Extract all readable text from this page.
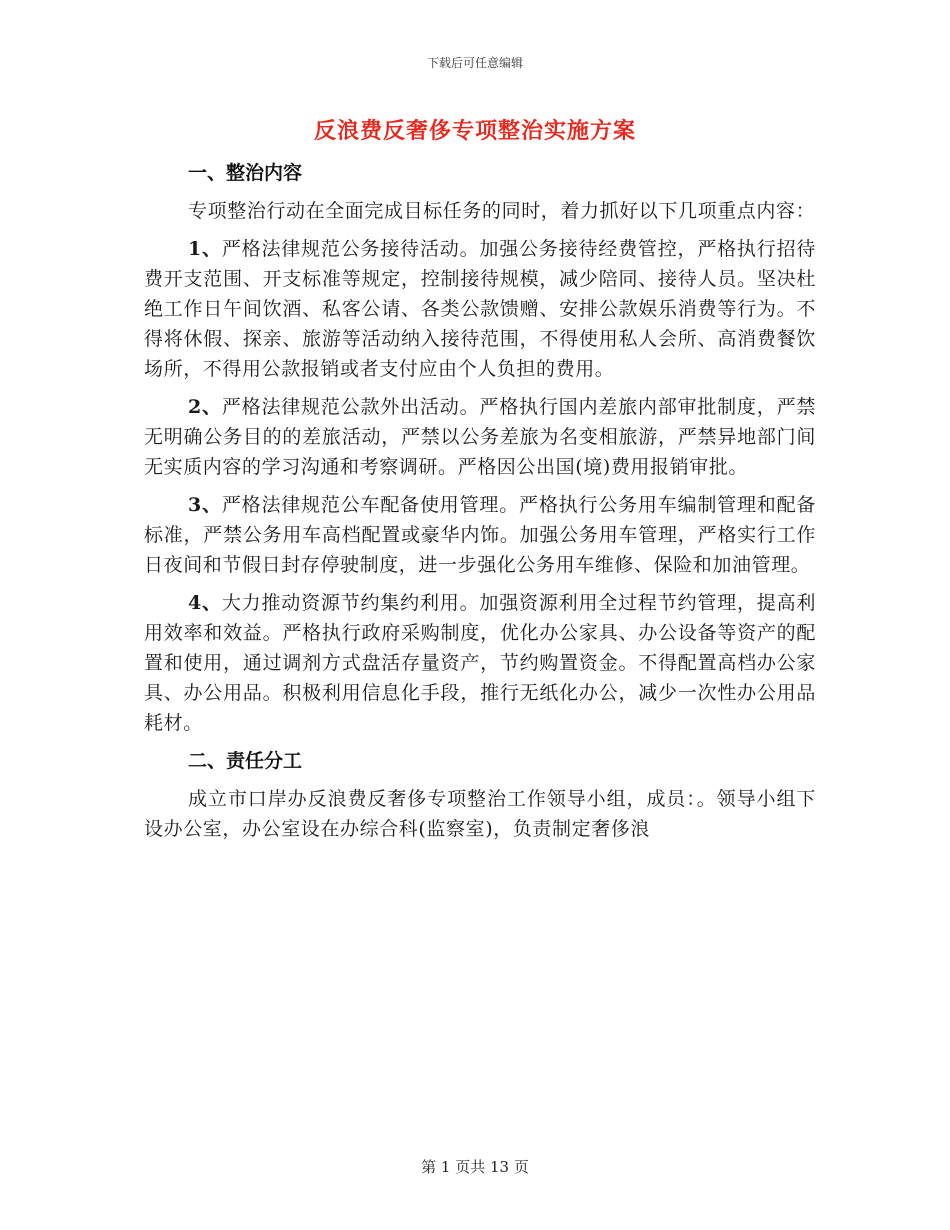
下载后可任意编辑
反浪费反奢侈专项整治实施方案
一、整治内容

专项整治行动在全面完成目标任务的同时，着力抓好以下几项重点内容：

1、严格法律规范公务接待活动。加强公务接待经费管控，严格执行招待费开支范围、开支标准等规定，控制接待规模，减少陪同、接待人员。坚决杜绝工作日午间饮酒、私客公请、各类公款馈赠、安排公款娱乐消费等行为。不得将休假、探亲、旅游等活动纳入接待范围，不得使用私人会所、高消费餐饮场所，不得用公款报销或者支付应由个人负担的费用。

2、严格法律规范公款外出活动。严格执行国内差旅内部审批制度，严禁无明确公务目的的差旅活动，严禁以公务差旅为名变相旅游，严禁异地部门间无实质内容的学习沟通和考察调研。严格因公出国(境)费用报销审批。

3、严格法律规范公车配备使用管理。严格执行公务用车编制管理和配备标准，严禁公务用车高档配置或豪华内饰。加强公务用车管理，严格实行工作日夜间和节假日封存停驶制度，进一步强化公务用车维修、保险和加油管理。

4、大力推动资源节约集约利用。加强资源利用全过程节约管理，提高利用效率和效益。严格执行政府采购制度，优化办公家具、办公设备等资产的配置和使用，通过调剂方式盘活存量资产，节约购置资金。不得配置高档办公家具、办公用品。积极利用信息化手段，推行无纸化办公，减少一次性办公用品耗材。

二、责任分工

成立市口岸办反浪费反奢侈专项整治工作领导小组，成员：。领导小组下设办公室，办公室设在办综合科(监察室)，负责制定奢侈浪

第 1 页共 13 页
